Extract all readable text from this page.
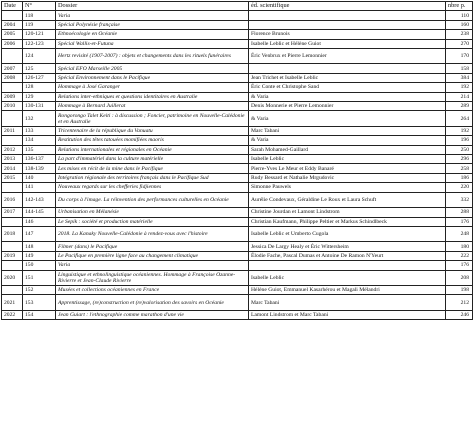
Date	N°	Dossier	éd. scientifique	nbre p.
	118	Varia		110
2004	119	Spécial Polynésie française		160
2005	120-121	Ethnoécologie en Océanie	Florence Brunois	238
2006	122-123	Spécial Wallis-et-Futuna	Isabelle Leblic et Hélène Guiot	270
	124	Hertz revisité (1907-2007) : objets et changements dans les rituels funéraires	Éric Venbrux et Pierre Lemonnier	170
2007	125	Spécial EFO Marseille 2005		158
2008	126-127	Spécial Environnement dans le Pacifique	Jean Trichet et Isabelle Leblic	384
	128	Hommage à José Garanger	Éric Conte et Christophe Sand	192
2009	129	Relations inter-ethniques et questions identitaires en Australie	& Varia	214
2010	130-131	Hommage à Bernard Juillerat	Denis Monnerie et Pierre Lemonnier	289
	132	Rongorongo Talet Keiti : à discussion ; Foncier, patrimoine en Nouvelle-Calédonie et en Australie	& Varia	264
2011	133	Tricentenaire de la république du Vanuatu	Marc Tabani	192
	134	Restitution des têtes tatouées momifiées maoris	& Varia	196
2012	135	Relations internationales et régionales en Océanie	Sarah Mohamed-Gaillard	250
2013	136-137	La part d'immatériel dans la culture matérielle	Isabelle Leblic	296
2014	138-139	Les mises en récit de la mine dans le Pacifique	Pierre-Yves Le Meur et Eddy Banaré	258
2015	140	Intégration régionale des territoires français dans le Pacifique Sud	Rudy Bessard et Nathalie Mrgudovic	186
	141	Nouveaux regards sur les chefferies fidjiennes	Simonne Pauwels	220
2016	142-143	Du corps à l'image. La réinvention des performances culturelles en Océanie	Aurélie Condevaux, Géraldine Le Roux et Laura Schuft	332
2017	144-145	Urbanisation en Mélanésie	Christine Jourdan et Lamont Lindstrom	288
	146	Le Sepik : société et production matérielle	Christian Kaufmann, Philippe Peltier et Markus Schindlbeck	176
2018	147	2018. La Kanaky Nouvelle-Calédonie à rendez-vous avec l'histoire	Isabelle Leblic et Umberto Cugola	248
	148	Filmer (dans) le Pacifique	Jessica De Largy Healy et Éric Wittersheim	180
2019	149	Le Pacifique en première ligne face au changement climatique	Élodie Fache, Pascal Dumas et Antoine De Ramon N'Yeurt	222
	150	Varia		176
2020	151	Linguistique et ethnolinguistique océaniennes. Hommage à Françoise Ozanne-Rivierre et Jean-Claude Rivierre	Isabelle Leblic	208
	152	Musées et collections océaniennes en France	Hélène Guiot, Emmanuel Kasarhérou et Magali Mélandri	198
2021	153	Apprentissage, (re)construction et (re)valorisation des savoirs en Océanie	Marc Tabani	212
2022	154	Jean Guiart : l'ethnographie comme marathon d'une vie	Lamont Lindstrom et Marc Tabani	246
